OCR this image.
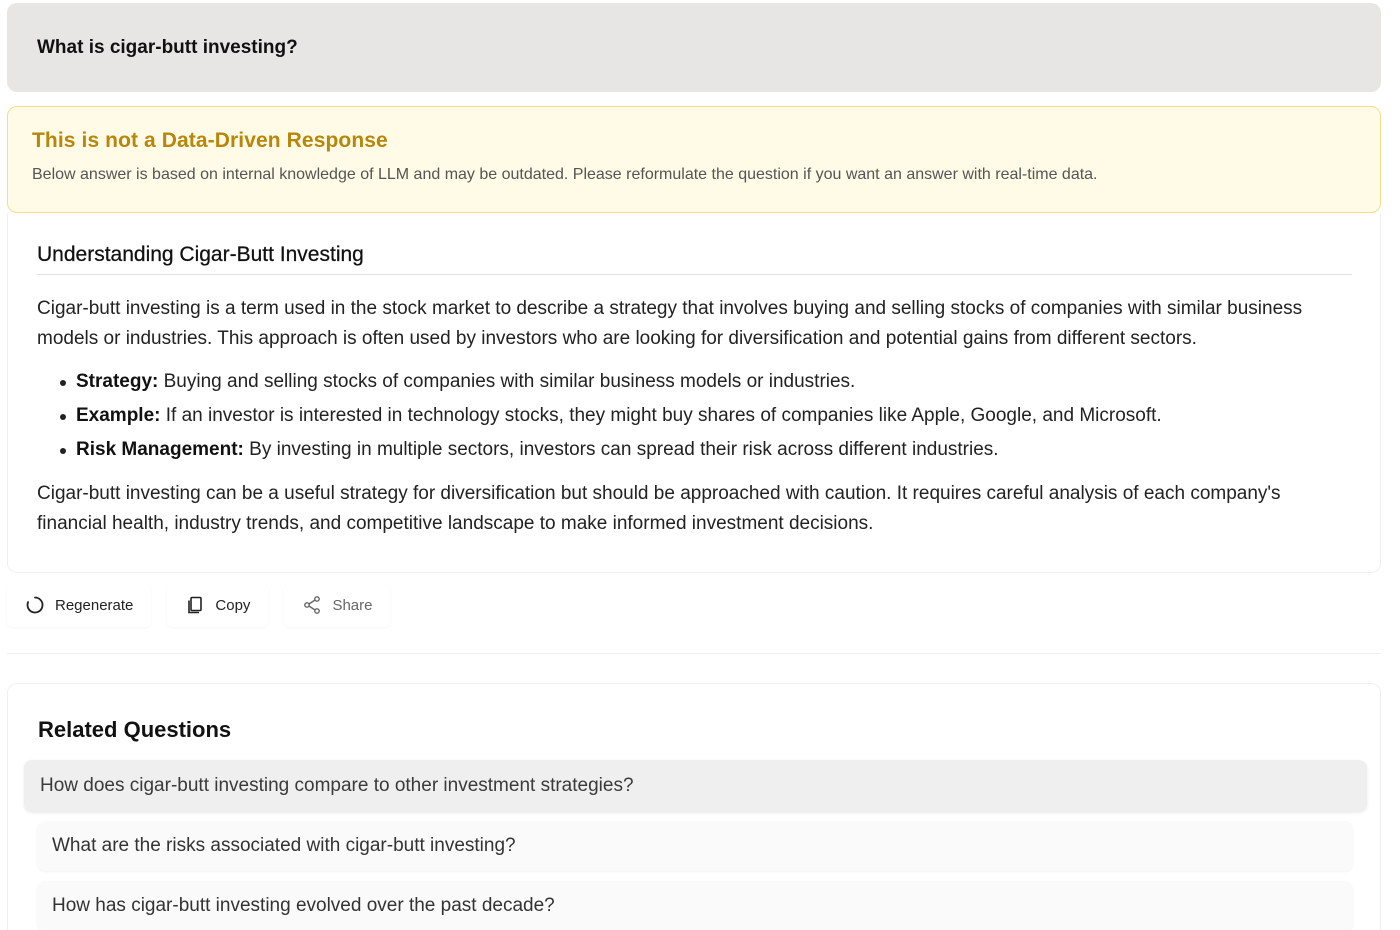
What is cigar-butt investing?
This is not a Data-Driven Response
Below answer is based on internal knowledge of LLM and may be outdated. Please reformulate the question if you want an answer with real-time data.
Understanding Cigar-Butt Investing

Cigar-butt investing is a term used in the stock market to describe a strategy that involves buying and selling stocks of companies with similar business models or industries. This approach is often used by investors who are looking for diversification and potential gains from different sectors.

Strategy: Buying and selling stocks of companies with similar business models or industries.
Example: If an investor is interested in technology stocks, they might buy shares of companies like Apple, Google, and Microsoft.
Risk Management: By investing in multiple sectors, investors can spread their risk across different industries.

Cigar-butt investing can be a useful strategy for diversification but should be approached with caution. It requires careful analysis of each company's financial health, industry trends, and competitive landscape to make informed investment decisions.

Regenerate	Copy	Share
Related Questions
How does cigar-butt investing compare to other investment strategies?
What are the risks associated with cigar-butt investing?
How has cigar-butt investing evolved over the past decade?
